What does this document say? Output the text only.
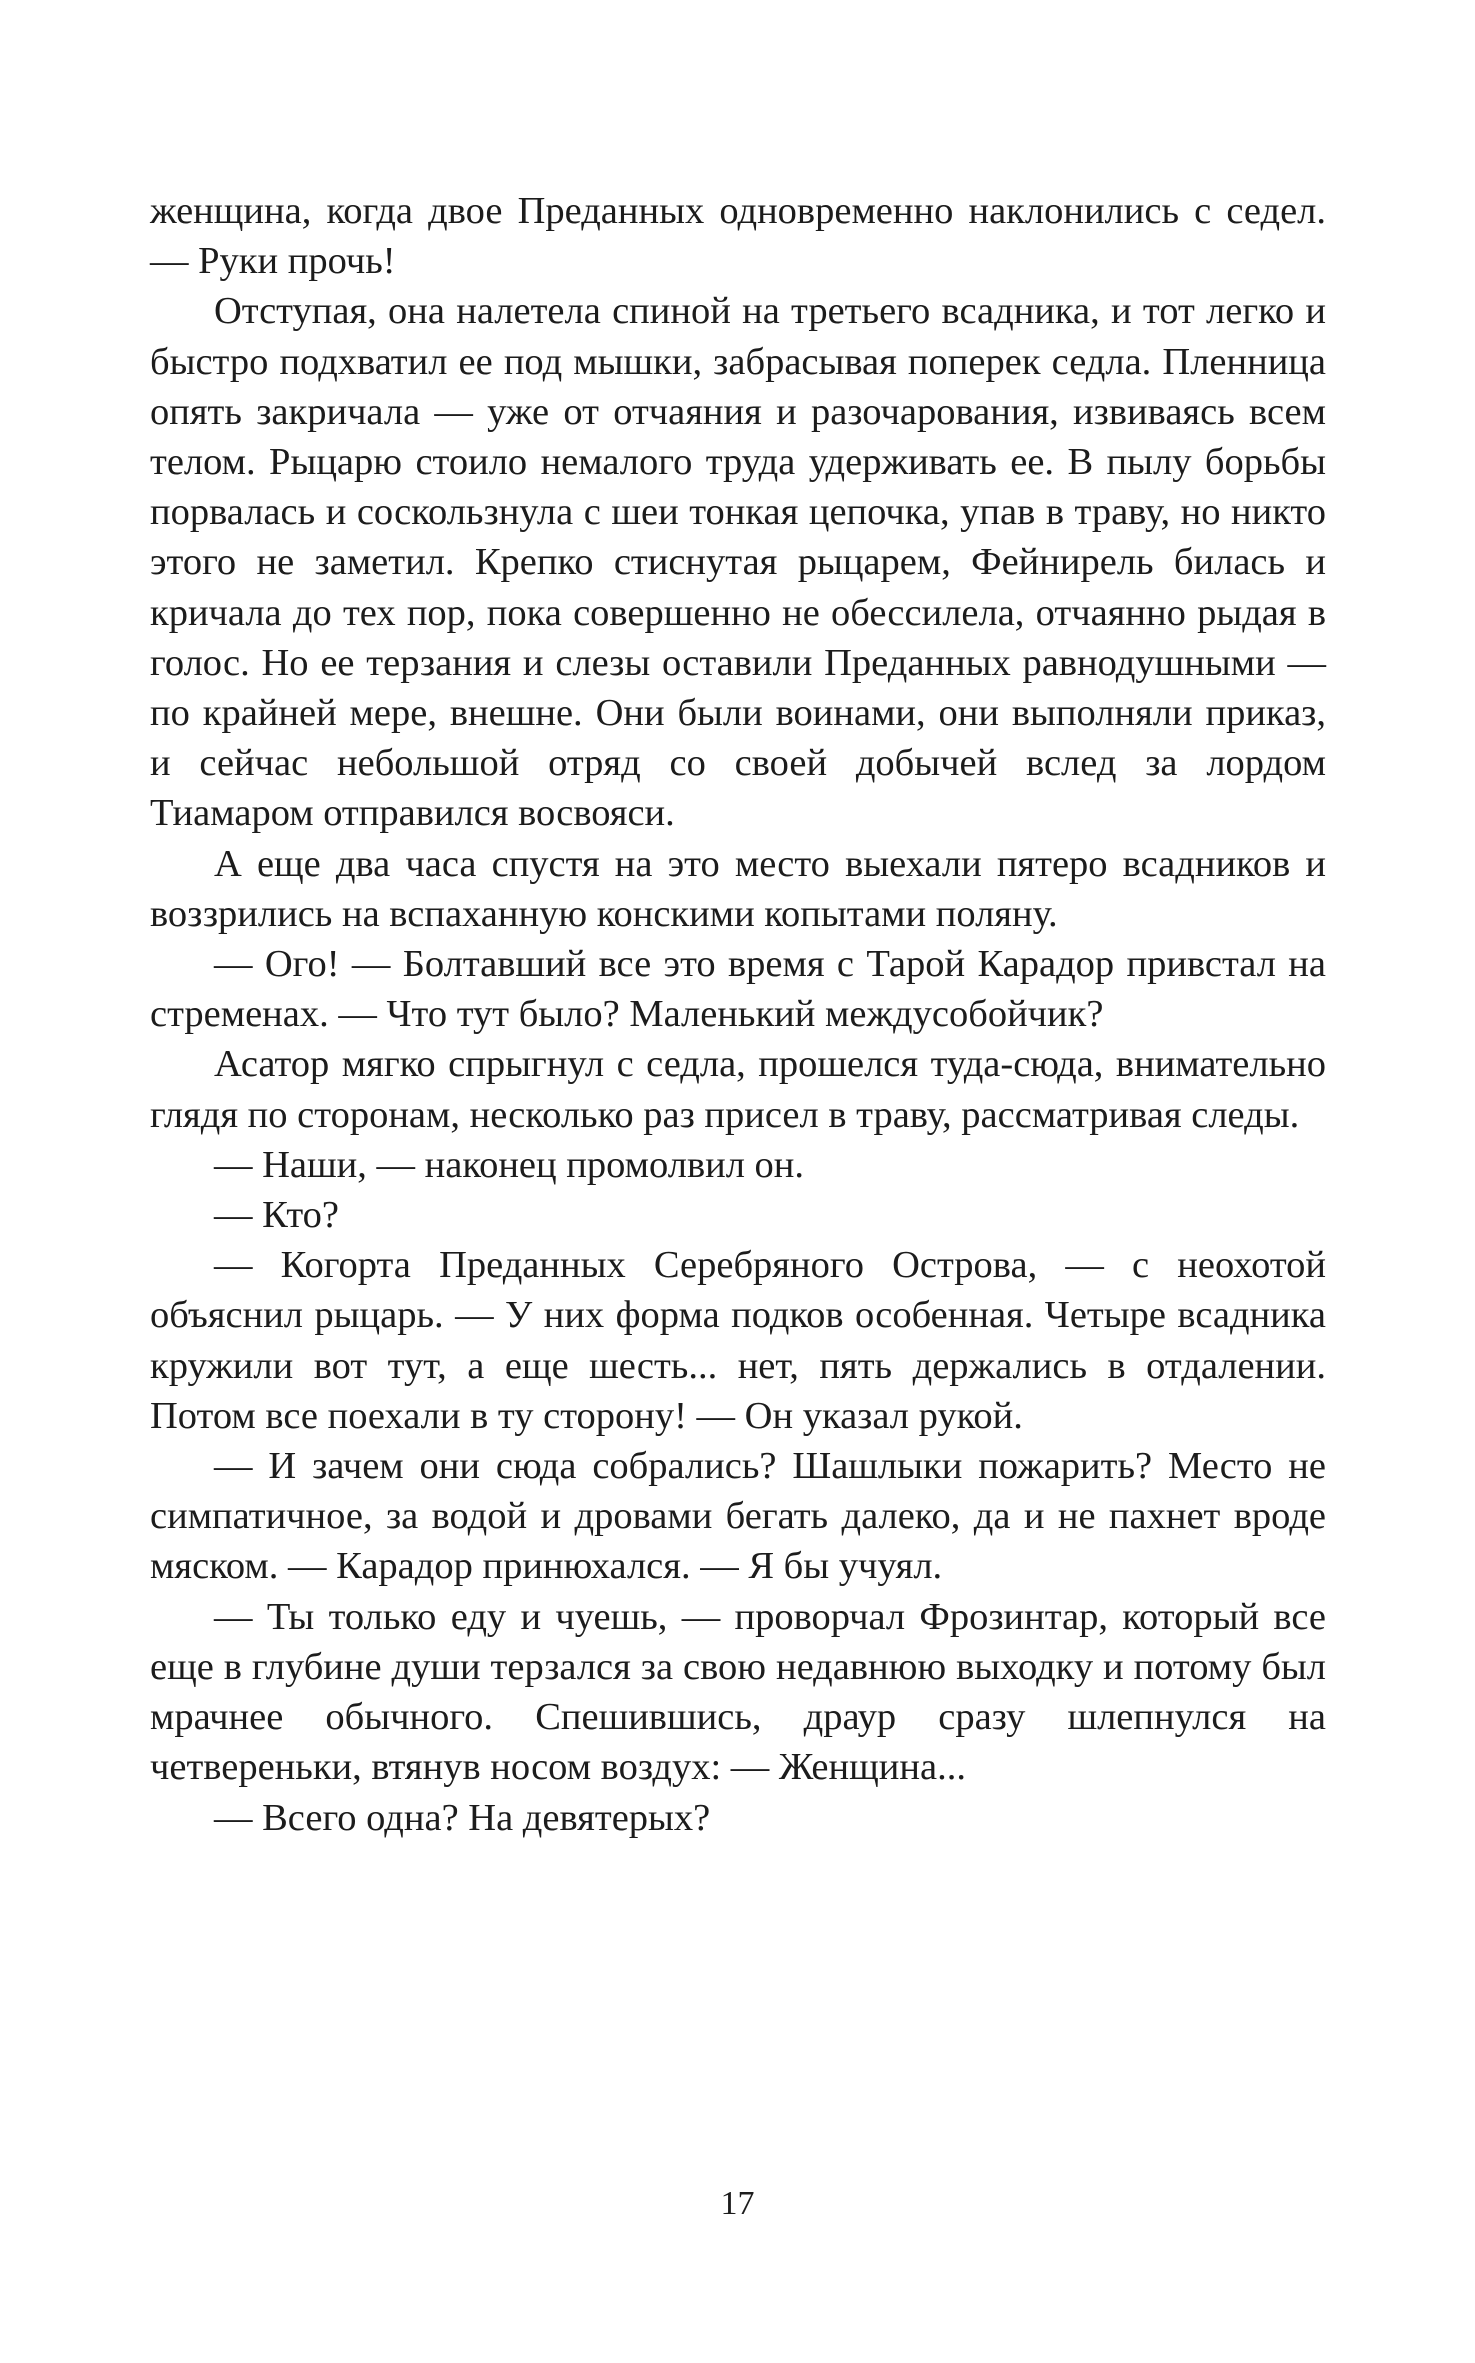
женщина, когда двое Преданных одновременно наклонились с седел. — Руки прочь!

Отступая, она налетела спиной на третьего всадника, и тот легко и быстро подхватил ее под мышки, забрасывая поперек седла. Пленница опять закричала — уже от отчаяния и разочарования, извиваясь всем телом. Рыцарю стоило немалого труда удерживать ее. В пылу борьбы порвалась и соскользнула с шеи тонкая цепочка, упав в траву, но никто этого не заметил. Крепко стиснутая рыцарем, Фейнирель билась и кричала до тех пор, пока совершенно не обессилела, отчаянно рыдая в голос. Но ее терзания и слезы оставили Преданных равнодушными — по крайней мере, внешне. Они были воинами, они выполняли приказ, и сейчас небольшой отряд со своей добычей вслед за лордом Тиамаром отправился восвояси.

А еще два часа спустя на это место выехали пятеро всадников и воззрились на вспаханную конскими копытами поляну.

— Ого! — Болтавший все это время с Тарой Карадор привстал на стременах. — Что тут было? Маленький междусобойчик?

Асатор мягко спрыгнул с седла, прошелся туда-сюда, внимательно глядя по сторонам, несколько раз присел в траву, рассматривая следы.

— Наши, — наконец промолвил он.

— Кто?

— Когорта Преданных Серебряного Острова, — с неохотой объяснил рыцарь. — У них форма подков особенная. Четыре всадника кружили вот тут, а еще шесть... нет, пять держались в отдалении. Потом все поехали в ту сторону! — Он указал рукой.

— И зачем они сюда собрались? Шашлыки пожарить? Место не симпатичное, за водой и дровами бегать далеко, да и не пахнет вроде мяском. — Карадор принюхался. — Я бы учуял.

— Ты только еду и чуешь, — проворчал Фрозинтар, который все еще в глубине души терзался за свою недавнюю выходку и потому был мрачнее обычного. Спешившись, драур сразу шлепнулся на четвереньки, втянув носом воздух: — Женщина...

— Всего одна? На девятерых?

17
